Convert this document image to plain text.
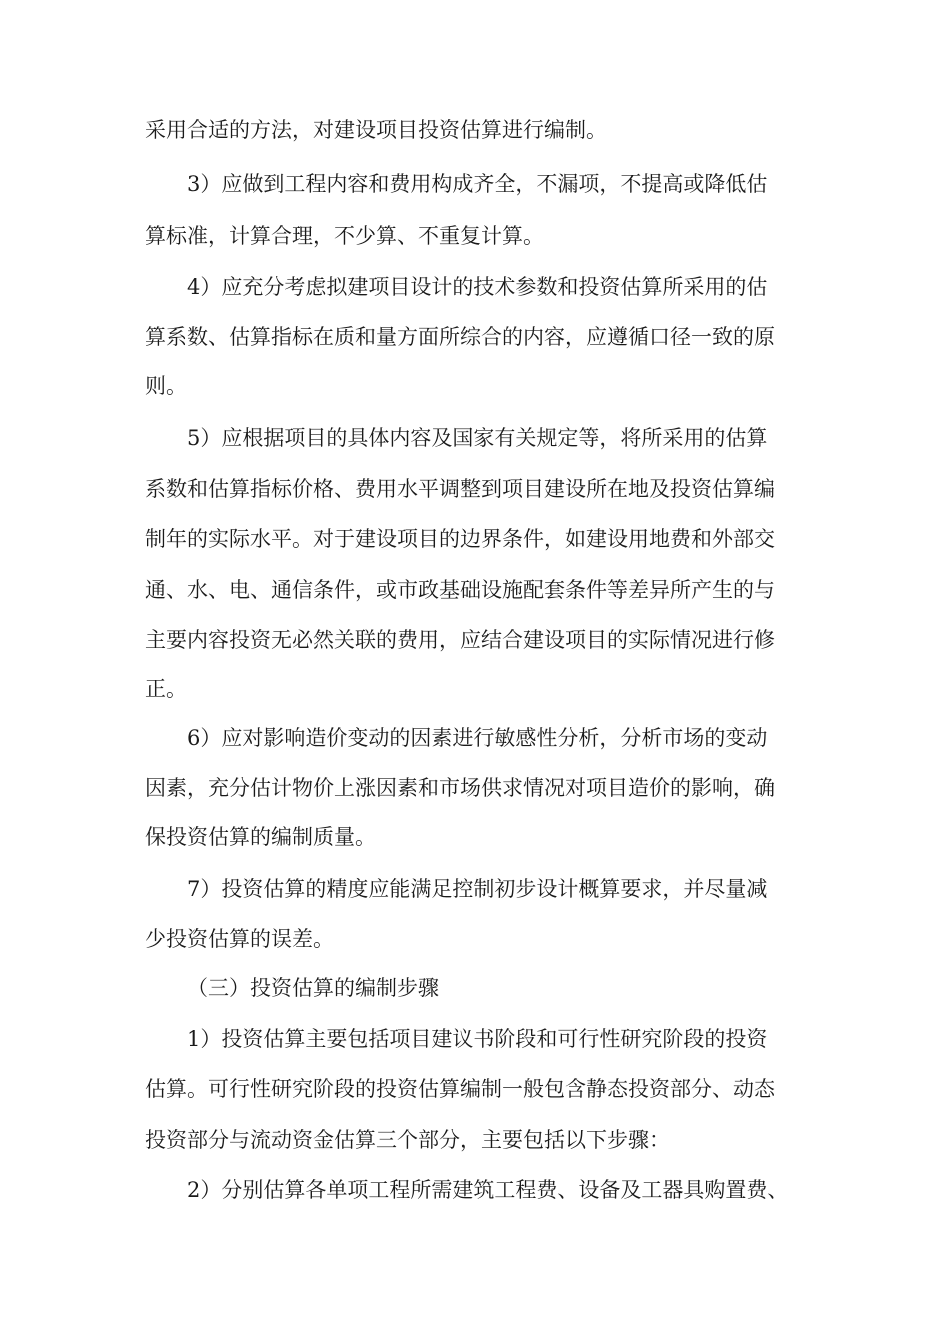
采用合适的方法，对建设项目投资估算进行编制。
3）应做到工程内容和费用构成齐全，不漏项，不提高或降低估
算标准，计算合理，不少算、不重复计算。
4）应充分考虑拟建项目设计的技术参数和投资估算所采用的估
算系数、估算指标在质和量方面所综合的内容，应遵循口径一致的原
则。
5）应根据项目的具体内容及国家有关规定等，将所采用的估算
系数和估算指标价格、费用水平调整到项目建设所在地及投资估算编
制年的实际水平。对于建设项目的边界条件，如建设用地费和外部交
通、水、电、通信条件，或市政基础设施配套条件等差异所产生的与
主要内容投资无必然关联的费用，应结合建设项目的实际情况进行修
正。
6）应对影响造价变动的因素进行敏感性分析，分析市场的变动
因素，充分估计物价上涨因素和市场供求情况对项目造价的影响，确
保投资估算的编制质量。
7）投资估算的精度应能满足控制初步设计概算要求，并尽量减
少投资估算的误差。
（三）投资估算的编制步骤
1）投资估算主要包括项目建议书阶段和可行性研究阶段的投资
估算。可行性研究阶段的投资估算编制一般包含静态投资部分、动态
投资部分与流动资金估算三个部分，主要包括以下步骤：
2）分别估算各单项工程所需建筑工程费、设备及工器具购置费、
